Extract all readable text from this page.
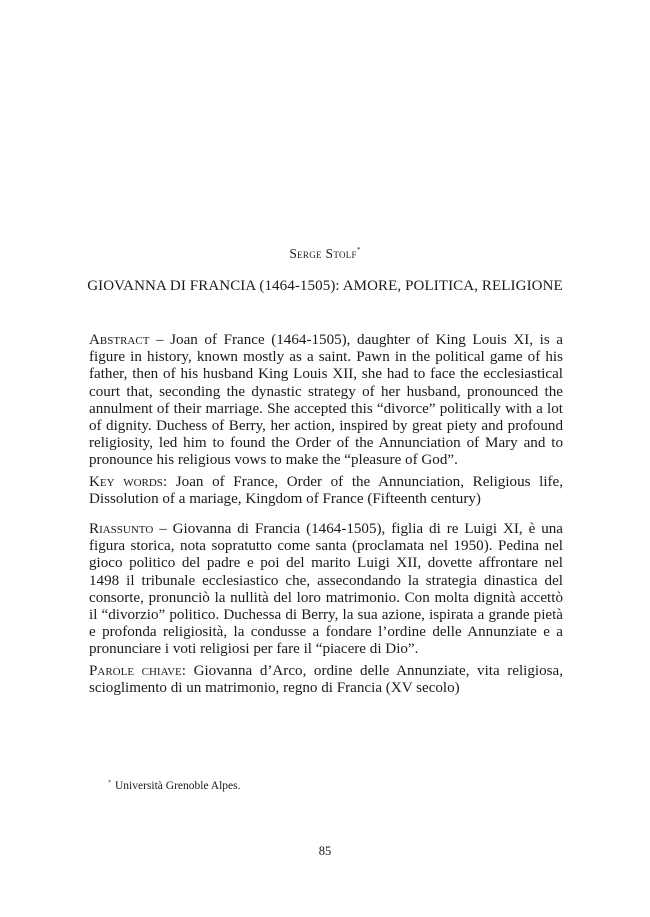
Serge Stolf*
GIOVANNA DI FRANCIA (1464-1505): AMORE, POLITICA, RELIGIONE
Abstract – Joan of France (1464-1505), daughter of King Louis XI, is a figure in history, known mostly as a saint. Pawn in the political game of his father, then of his husband King Louis XII, she had to face the ecclesiastical court that, seconding the dynastic strategy of her husband, pronounced the annulment of their marriage. She accepted this “divorce” politically with a lot of dignity. Duchess of Berry, her action, inspired by great piety and profound religiosity, led him to found the Order of the Annunciation of Mary and to pronounce his religious vows to make the “pleasure of God”.
Key words: Joan of France, Order of the Annunciation, Religious life, Dissolution of a mariage, Kingdom of France (Fifteenth century)
Riassunto – Giovanna di Francia (1464-1505), figlia di re Luigi XI, è una figura storica, nota sopratutto come santa (proclamata nel 1950). Pedina nel gioco politico del padre e poi del marito Luigi XII, dovette affrontare nel 1498 il tribunale ecclesiastico che, assecondando la strategia dinastica del consorte, pronunciò la nullità del loro matrimonio. Con molta dignità accettò il “divorzio” politico. Duchessa di Berry, la sua azione, ispirata a grande pietà e profonda religiosità, la condusse a fondare l’ordine delle Annunziate e a pronunciare i voti religiosi per fare il “piacere di Dio”.
Parole chiave: Giovanna d’Arco, ordine delle Annunziate, vita religiosa, scioglimento di un matrimonio, regno di Francia (XV secolo)
* Università Grenoble Alpes.
85
